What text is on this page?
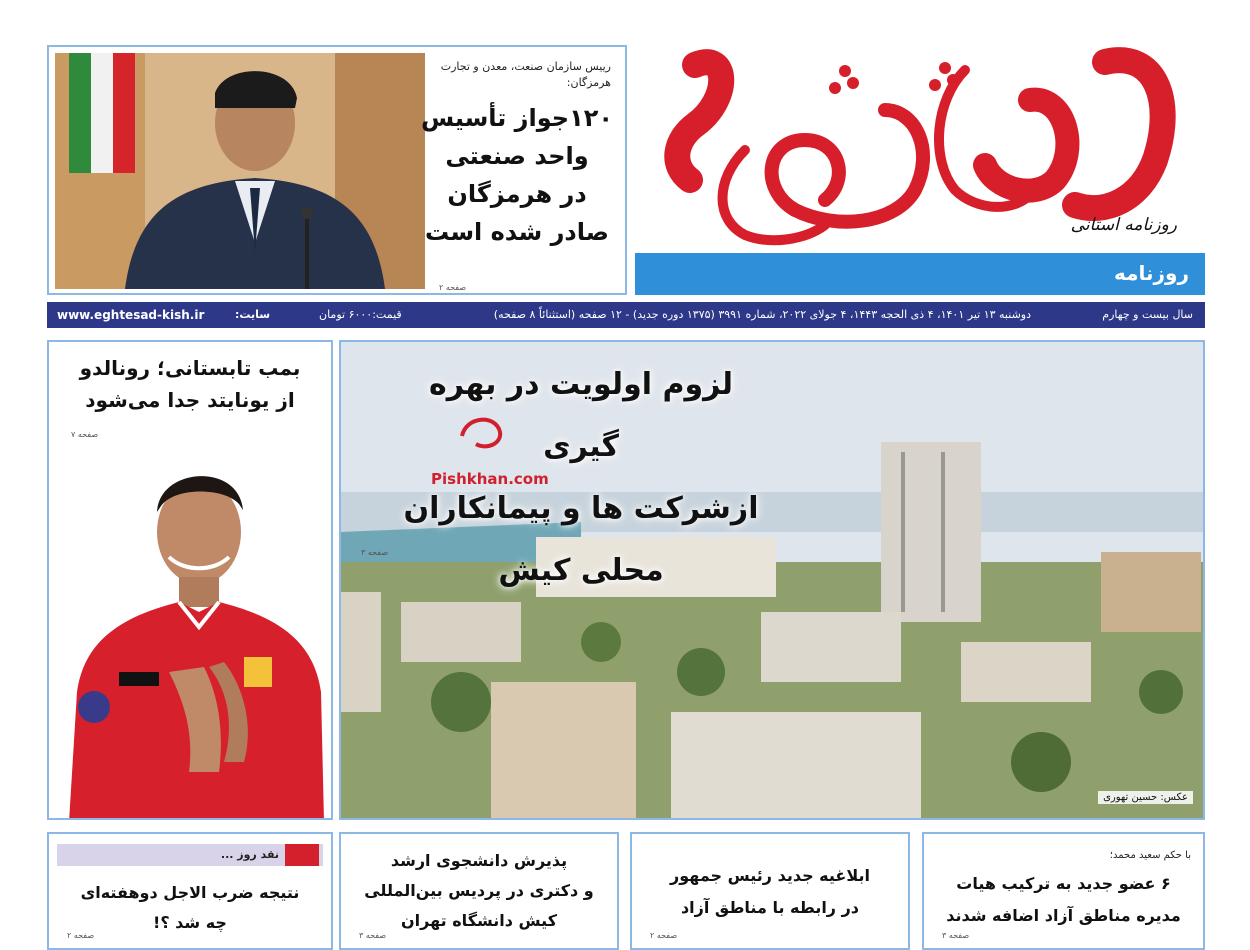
روزنامه استانی
روزنامه
رییس سازمان صنعت، معدن و تجارت هرمزگان:
۱۲۰جواز تأسیس
واحد صنعتی
در هرمزگان
صادر شده است
صفحه ۲
سال بیست و چهارم
دوشنبه ۱۳ تیر ۱۴۰۱، ۴ ذی الحجه ۱۴۴۳، ۴ جولای ۲۰۲۲، شماره ۳۹۹۱ (۱۳۷۵ دوره جدید) - ۱۲ صفحه (استثنائاً ۸ صفحه)
قیمت:۶۰۰۰ تومان
سایت:
www.eghtesad-kish.ir
بمب تابستانی؛ رونالدو
از یونایتد جدا می‌شود
صفحه ۷
لزوم اولویت در بهره گیری
ازشرکت ها و پیمانکاران
محلی کیش
Pishkhan.com
صفحه ۳
عکس: حسین تهوری
نقد روز ...
نتیجه ضرب الاجل دوهفته‌ای
چه شد ؟!
صفحه ۲
پذیرش دانشجوی ارشد
و دکتری در پردیس بین‌المللی
کیش دانشگاه تهران
صفحه ۳
ابلاغیه جدید رئیس جمهور
در رابطه با مناطق آزاد
صفحه ۲
با حکم سعید محمد؛
۶ عضو جدید به ترکیب هیات
مدیره مناطق آزاد اضافه شدند
صفحه ۳
